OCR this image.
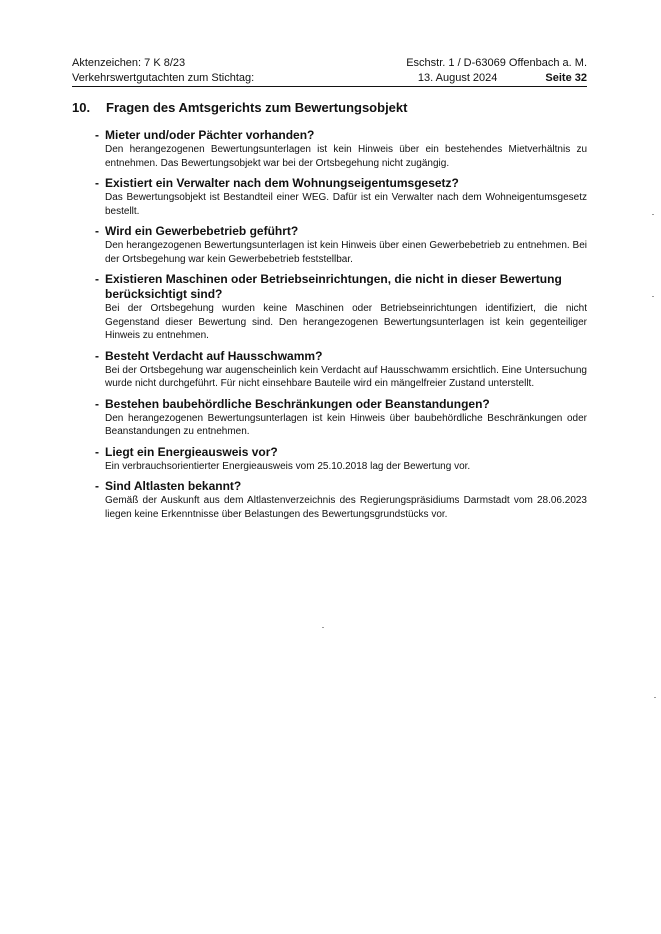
Aktenzeichen: 7 K 8/23	Eschstr. 1 / D-63069 Offenbach a. M.
Verkehrswertgutachten zum Stichtag:	13. August 2024	Seite 32
10. Fragen des Amtsgerichts zum Bewertungsobjekt
- Mieter und/oder Pächter vorhanden?
Den herangezogenen Bewertungsunterlagen ist kein Hinweis über ein bestehendes Mietverhältnis zu entnehmen. Das Bewertungsobjekt war bei der Ortsbegehung nicht zugängig.
- Existiert ein Verwalter nach dem Wohnungseigentumsgesetz?
Das Bewertungsobjekt ist Bestandteil einer WEG. Dafür ist ein Verwalter nach dem Wohneigentumsgesetz bestellt.
- Wird ein Gewerbebetrieb geführt?
Den herangezogenen Bewertungsunterlagen ist kein Hinweis über einen Gewerbebetrieb zu entnehmen. Bei der Ortsbegehung war kein Gewerbebetrieb feststellbar.
- Existieren Maschinen oder Betriebseinrichtungen, die nicht in dieser Bewertung berücksichtigt sind?
Bei der Ortsbegehung wurden keine Maschinen oder Betriebseinrichtungen identifiziert, die nicht Gegenstand dieser Bewertung sind. Den herangezogenen Bewertungsunterlagen ist kein gegenteiliger Hinweis zu entnehmen.
- Besteht Verdacht auf Hausschwamm?
Bei der Ortsbegehung war augenscheinlich kein Verdacht auf Hausschwamm ersichtlich. Eine Untersuchung wurde nicht durchgeführt. Für nicht einsehbare Bauteile wird ein mängelfreier Zustand unterstellt.
- Bestehen baubehördliche Beschränkungen oder Beanstandungen?
Den herangezogenen Bewertungsunterlagen ist kein Hinweis über baubehördliche Beschränkungen oder Beanstandungen zu entnehmen.
- Liegt ein Energieausweis vor?
Ein verbrauchsorientierter Energieausweis vom 25.10.2018 lag der Bewertung vor.
- Sind Altlasten bekannt?
Gemäß der Auskunft aus dem Altlastenverzeichnis des Regierungspräsidiums Darmstadt vom 28.06.2023 liegen keine Erkenntnisse über Belastungen des Bewertungsgrundstücks vor.
